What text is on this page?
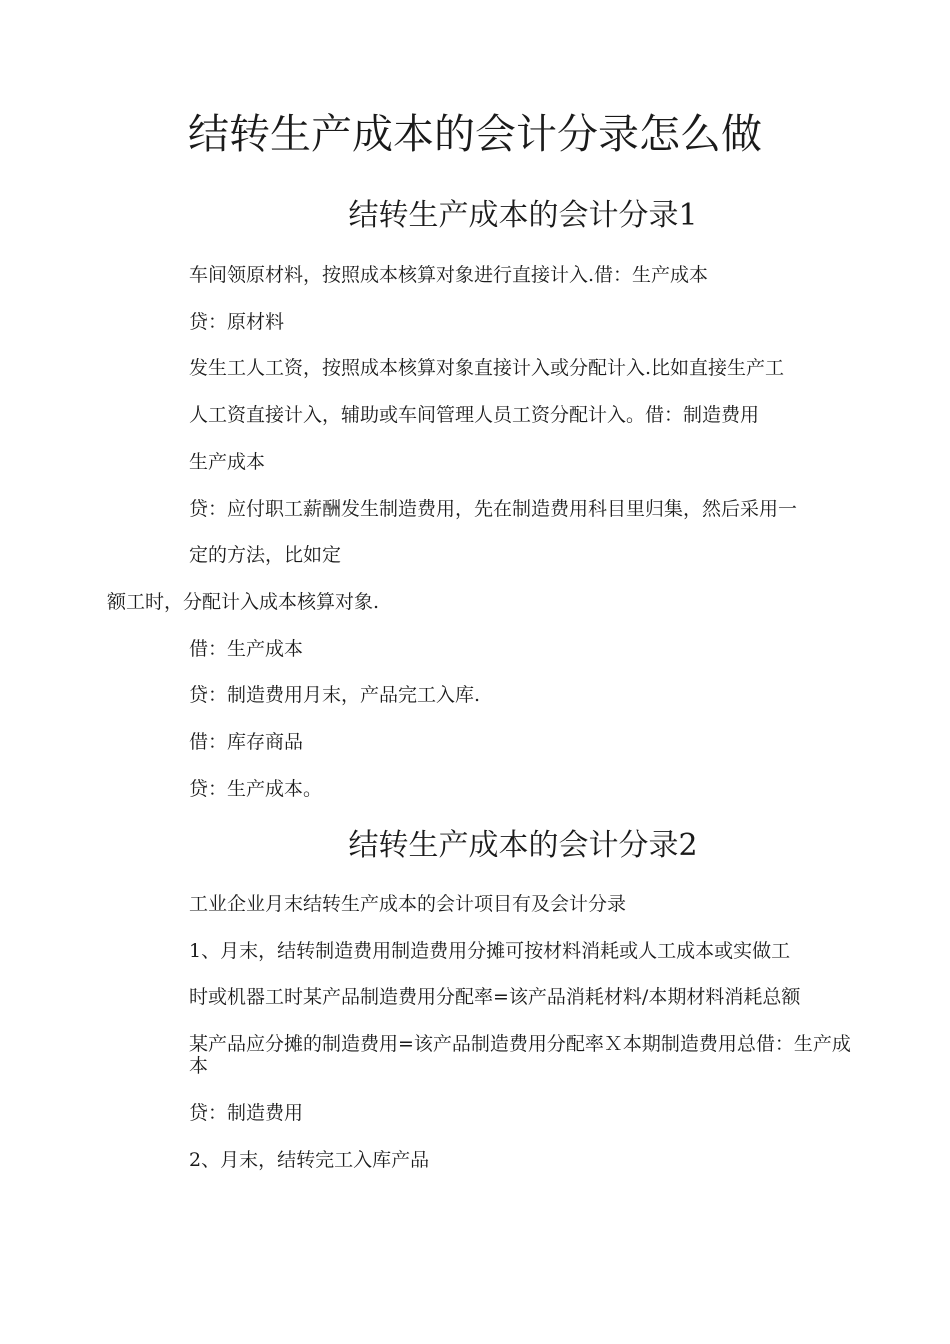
结转生产成本的会计分录怎么做
结转生产成本的会计分录1

车间领原材料，按照成本核算对象进行直接计入.借：生产成本

贷：原材料

发生工人工资，按照成本核算对象直接计入或分配计入.比如直接生产工

人工资直接计入，辅助或车间管理人员工资分配计入。借：制造费用

生产成本

贷：应付职工薪酬发生制造费用，先在制造费用科目里归集，然后采用一

定的方法，比如定

额工时，分配计入成本核算对象.

借：生产成本

贷：制造费用月末，产品完工入库.

借：库存商品

贷：生产成本。

结转生产成本的会计分录2

工业企业月末结转生产成本的会计项目有及会计分录

1、月末，结转制造费用制造费用分摊可按材料消耗或人工成本或实做工

时或机器工时某产品制造费用分配率=该产品消耗材料/本期材料消耗总额

某产品应分摊的制造费用=该产品制造费用分配率Ｘ本期制造费用总借：生产成本

贷：制造费用

2、月末，结转完工入库产品
